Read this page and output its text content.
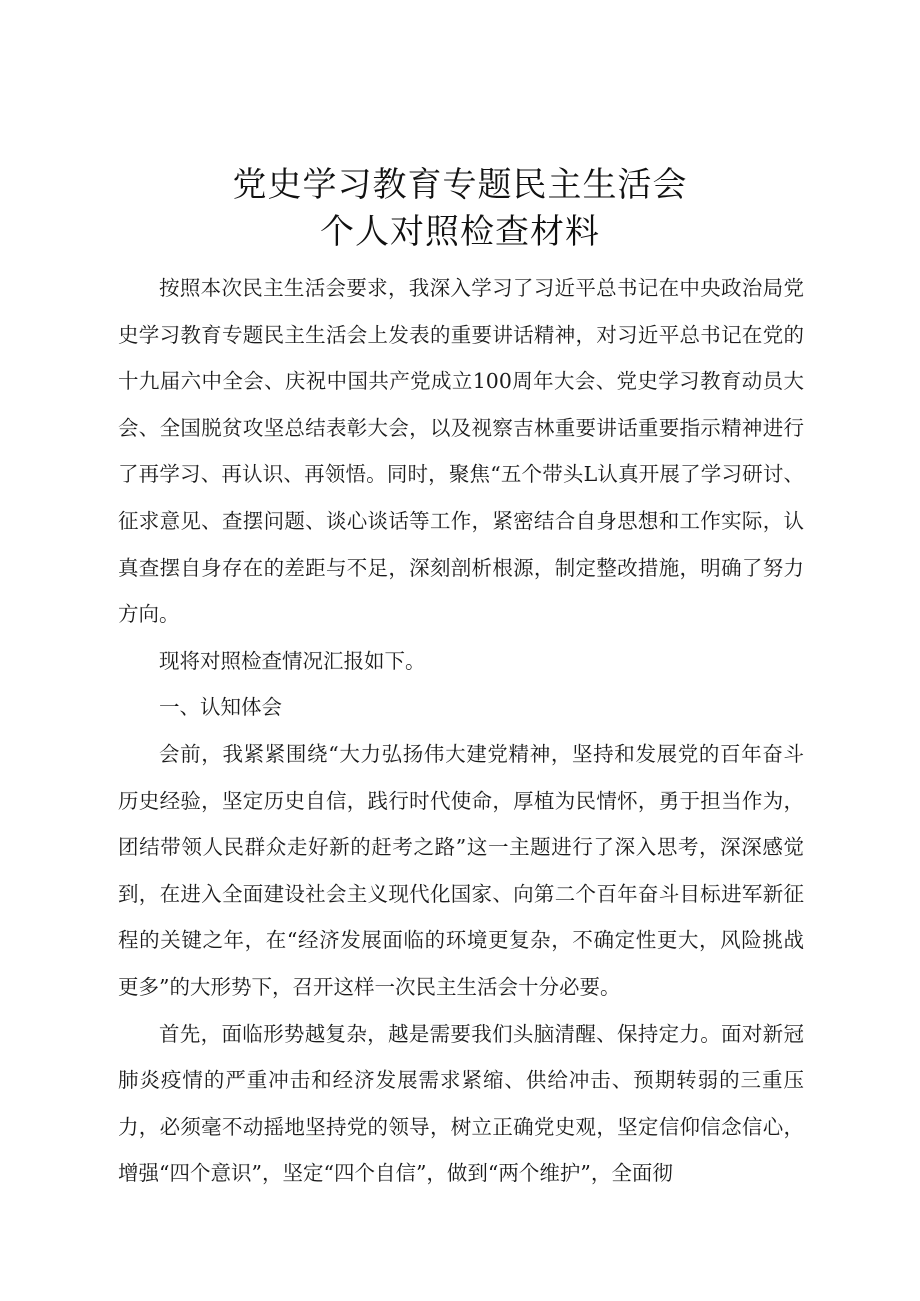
党史学习教育专题民主生活会
个人对照检查材料

按照本次民主生活会要求，我深入学习了习近平总书记在中央政治局党史学习教育专题民主生活会上发表的重要讲话精神，对习近平总书记在党的十九届六中全会、庆祝中国共产党成立100周年大会、党史学习教育动员大会、全国脱贫攻坚总结表彰大会，以及视察吉林重要讲话重要指示精神进行了再学习、再认识、再领悟。同时，聚焦“五个带头L认真开展了学习研讨、征求意见、查摆问题、谈心谈话等工作，紧密结合自身思想和工作实际，认真查摆自身存在的差距与不足，深刻剖析根源，制定整改措施，明确了努力方向。

现将对照检查情况汇报如下。

一、认知体会

会前，我紧紧围绕“大力弘扬伟大建党精神，坚持和发展党的百年奋斗历史经验，坚定历史自信，践行时代使命，厚植为民情怀，勇于担当作为，团结带领人民群众走好新的赶考之路”这一主题进行了深入思考，深深感觉到，在进入全面建设社会主义现代化国家、向第二个百年奋斗目标进军新征程的关键之年，在“经济发展面临的环境更复杂，不确定性更大，风险挑战更多”的大形势下，召开这样一次民主生活会十分必要。

首先，面临形势越复杂，越是需要我们头脑清醒、保持定力。面对新冠肺炎疫情的严重冲击和经济发展需求紧缩、供给冲击、预期转弱的三重压力，必须毫不动摇地坚持党的领导，树立正确党史观，坚定信仰信念信心，增强“四个意识”，坚定“四个自信”，做到“两个维护”，全面彻
